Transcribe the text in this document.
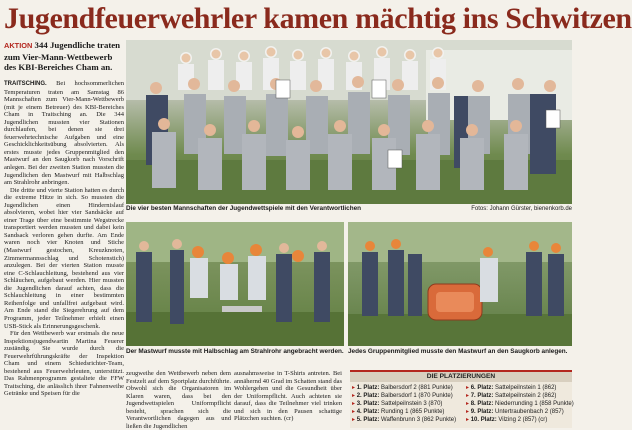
Jugendfeuerwehrler kamen mächtig ins Schwitzen
AKTION 344 Jugendliche traten zum Vier-Mann-Wettbewerb des KBI-Bereiches Cham an.

TRAITSCHING. Bei hochsommerlichen Temperaturen traten am Samstag 86 Mannschaften zum Vier-Mann-Wettbewerb (mit je einem Betreuer) des KBI-Bereiches Cham in Traitsching an. Die 344 Jugendlichen mussten vier Stationen durchlaufen, bei denen sie drei feuerwehrtechnische Aufgaben und eine Geschicklichkeitsübung absolvierten. Als erstes musste jedes Gruppenmitglied den Mastwurf an den Saugkorb nach Vorschrift anlegen. Bei der zweiten Station mussten die Jugendlichen den Mastwurf mit Halbschlag am Strahlrohr anbringen.

Die dritte und vierte Station hatten es durch die extreme Hitze in sich. So mussten die Jugendlichen einen Hindernislauf absolvieren, wobei hier vier Sandsäcke auf einer Trage über eine bestimmte Wegstrecke transportiert werden mussten und dabei kein Sandsack verloren gehen durfte. Am Ende waren noch vier Knoten und Stiche (Mastwurf gestochen, Kreuzknoten, Zimmermannsschlag und Schotenstich) anzulegen. Bei der vierten Station musste eine C-Schlauchleitung, bestehend aus vier Schläuchen, aufgebaut werden. Hier mussten die Jugendlichen darauf achten, dass die Schlauchleitung in einer bestimmten Reihenfolge und unfallfrei aufgebaut wird. Am Ende stand die Siegerehrung auf dem Programm, jeder Teilnehmer erhielt einen USB-Stick als Erinnerungsgeschenk.

Für den Wettbewerb war erstmals die neue Inspektionsjugendwartin Martina Feuerer zuständig. Sie wurde durch die Feuerwehrführungskräfte der Inspektion Cham und einem Schiedsrichter-Team, bestehend aus Feuerwehrleuten, unterstützt. Das Rahmenprogramm gestaltete die FFW Traitsching, die anlässlich ihrer Fahnenweihe Getränke und Speisen für die

Die vier besten Mannschaften der Jugendwettspiele mit den Verantwortlichen	Fotos: Johann Gürster, bienenkorb.de
Der Mastwurf musste mit Halbschlag am Strahlrohr angebracht werden. Jedes Gruppenmitglied musste den Mastwurf an den Saugkorb anlegen.

zeugweihe den Wettbewerb neben dem Festzelt auf dem Sportplatz durchführte. Obwohl sich die Organisatoren im Klaren waren, dass bei den Jugendwettspielen Uniformpflicht besteht, sprachen sich die Verantwortlichen dagegen aus und ließen die Jugendlichen

ausnahmsweise in T-Shirts antreten. Bei annähernd 40 Grad im Schatten stand das Wohlergehen und die Gesundheit über der Uniformpflicht. Auch achteten sie darauf, dass die Teilnehmer viel trinken und sich in den Pausen schattige Plätzchen suchten. (cr)

DIE PLATZIERUNGEN
▸ 1. Platz: Balbersdorf 2 (881 Punkte)
▸ 2. Platz: Balbersdorf 1 (870 Punkte)
▸ 3. Platz: Sattelpeilnstein 3 (870)
▸ 4. Platz: Runding 1 (865 Punkte)
▸ 5. Platz: Waffenbrunn 3 (862 Punkte)
▸ 6. Platz: Sattelpeilnstein 1 (862)
▸ 7. Platz: Sattelpeilnstein 2 (862)
▸ 8. Platz: Niederrunding 1 (858 Punkte)
▸ 9. Platz: Untertraubenbach 2 (857)
▸ 10. Platz: Vilzing 2 (857) (cr)
